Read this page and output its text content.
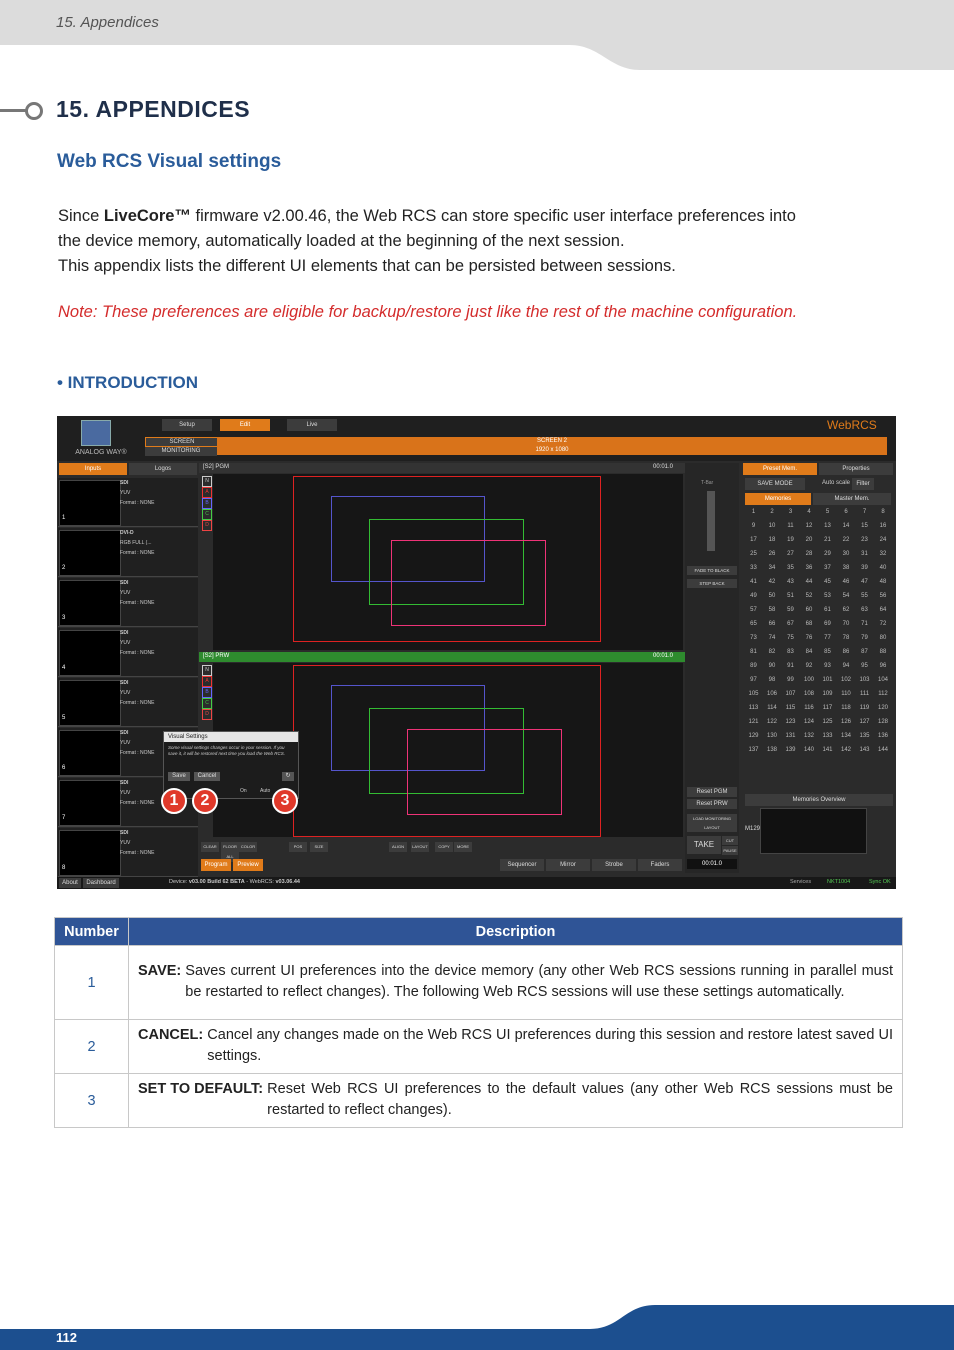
15. Appendices
15. APPENDICES
Web RCS Visual settings
Since LiveCore™ firmware v2.00.46, the Web RCS can store specific user interface preferences into
the device memory, automatically loaded at the beginning of the next session.
This appendix lists the different UI elements that can be persisted between sessions.
Note: These preferences are eligible for backup/restore just like the rest of the machine configuration.
• INTRODUCTION
ANALOG WAY®
Setup	Edit	Live
SCREEN
MONITORING
SCREEN 2
1920 x 1080
WebRCS
Inputs	Logos
1
SDI
YUV
Format : NONE
2
DVI-D
RGB FULL (...
Format : NONE
3
SDI
YUV
Format : NONE
4
SDI
YUV
Format : NONE
5
SDI
YUV
Format : NONE
6
SDI
YUV
Format : NONE
7
SDI
YUV
Format : NONE
8
SDI
YUV
Format : NONE
[S2] PGM	00:01.0
N
A
B
C
D
[S2] PRW	00:01.0
N
A
B
C
D
T-Bar
FADE TO BLACK
STEP BACK
Reset PGM
Reset PRW
LOAD MONITORING LAYOUT
TAKE	CUT
PAUSE
00:01.0
Preset Mem.	Properties
SAVE MODE	Auto scale	Filter
Memories	Master Mem.
1	2	3	4	5	6	7	8
9	10	11	12	13	14	15	16
17	18	19	20	21	22	23	24
25	26	27	28	29	30	31	32
33	34	35	36	37	38	39	40
41	42	43	44	45	46	47	48
49	50	51	52	53	54	55	56
57	58	59	60	61	62	63	64
65	66	67	68	69	70	71	72
73	74	75	76	77	78	79	80
81	82	83	84	85	86	87	88
89	90	91	92	93	94	95	96
97	98	99	100	101	102	103	104
105	106	107	108	109	110	111	112
113	114	115	116	117	118	119	120
121	122	123	124	125	126	127	128
129	130	131	132	133	134	135	136
137	138	139	140	141	142	143	144
Memories Overview
M129
CLEAR	FLOOR ALL
COLOR	POS	SIZE	ALIGN	LAYOUT	COPY	MORE
Program	Preview	Sequencer	Mirror	Strobe	Faders
About	Dashboard	Device: v03.00 Build 62 BETA - WebRCS: v03.06.44	Services	NKT1004	Sync OK
Visual Settings
Some visual settings changes occur in your session. If you save it, it will be restored next time you load the Web RCS.
Save	Cancel	↻
On	Auto
1	2	3
Number	Description
1	SAVE:
Saves current UI preferences into the device memory (any other Web RCS sessions running in parallel must be restarted to reflect changes). The following Web RCS sessions will use these settings automatically.

2	CANCEL:
Cancel any changes made on the Web RCS UI preferences during this session and restore latest saved UI settings.

3	SET TO DEFAULT:
Reset Web RCS UI preferences to the default values (any other Web RCS sessions must be restarted to reflect changes).
112
